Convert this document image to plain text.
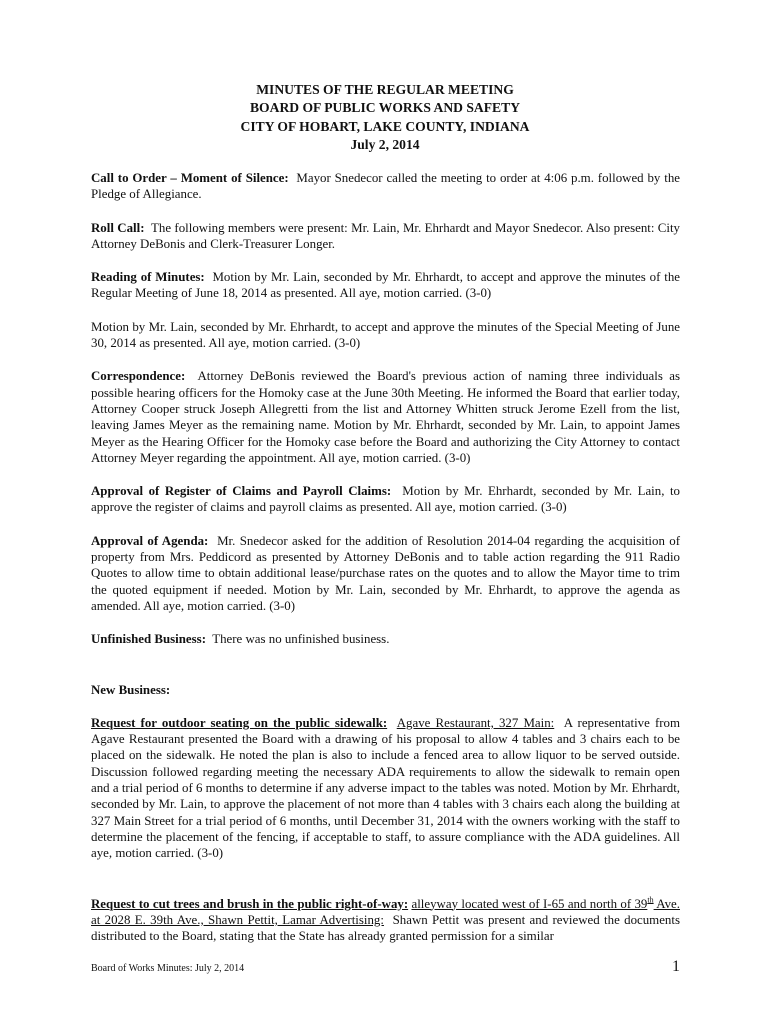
MINUTES OF THE REGULAR MEETING
BOARD OF PUBLIC WORKS AND SAFETY
CITY OF HOBART, LAKE COUNTY, INDIANA
July 2, 2014

Call to Order – Moment of Silence: Mayor Snedecor called the meeting to order at 4:06 p.m. followed by the Pledge of Allegiance.

Roll Call: The following members were present: Mr. Lain, Mr. Ehrhardt and Mayor Snedecor. Also present: City Attorney DeBonis and Clerk-Treasurer Longer.

Reading of Minutes: Motion by Mr. Lain, seconded by Mr. Ehrhardt, to accept and approve the minutes of the Regular Meeting of June 18, 2014 as presented. All aye, motion carried. (3-0)

Motion by Mr. Lain, seconded by Mr. Ehrhardt, to accept and approve the minutes of the Special Meeting of June 30, 2014 as presented. All aye, motion carried. (3-0)

Correspondence: Attorney DeBonis reviewed the Board's previous action of naming three individuals as possible hearing officers for the Homoky case at the June 30th Meeting. He informed the Board that earlier today, Attorney Cooper struck Joseph Allegretti from the list and Attorney Whitten struck Jerome Ezell from the list, leaving James Meyer as the remaining name. Motion by Mr. Ehrhardt, seconded by Mr. Lain, to appoint James Meyer as the Hearing Officer for the Homoky case before the Board and authorizing the City Attorney to contact Attorney Meyer regarding the appointment. All aye, motion carried. (3-0)

Approval of Register of Claims and Payroll Claims: Motion by Mr. Ehrhardt, seconded by Mr. Lain, to approve the register of claims and payroll claims as presented. All aye, motion carried. (3-0)

Approval of Agenda: Mr. Snedecor asked for the addition of Resolution 2014-04 regarding the acquisition of property from Mrs. Peddicord as presented by Attorney DeBonis and to table action regarding the 911 Radio Quotes to allow time to obtain additional lease/purchase rates on the quotes and to allow the Mayor time to trim the quoted equipment if needed. Motion by Mr. Lain, seconded by Mr. Ehrhardt, to approve the agenda as amended. All aye, motion carried. (3-0)

Unfinished Business: There was no unfinished business.

New Business:

Request for outdoor seating on the public sidewalk: Agave Restaurant, 327 Main: A representative from Agave Restaurant presented the Board with a drawing of his proposal to allow 4 tables and 3 chairs each to be placed on the sidewalk. He noted the plan is also to include a fenced area to allow liquor to be served outside. Discussion followed regarding meeting the necessary ADA requirements to allow the sidewalk to remain open and a trial period of 6 months to determine if any adverse impact to the tables was noted. Motion by Mr. Ehrhardt, seconded by Mr. Lain, to approve the placement of not more than 4 tables with 3 chairs each along the building at 327 Main Street for a trial period of 6 months, until December 31, 2014 with the owners working with the staff to determine the placement of the fencing, if acceptable to staff, to assure compliance with the ADA guidelines. All aye, motion carried. (3-0)

Request to cut trees and brush in the public right-of-way: alleyway located west of I-65 and north of 39th Ave. at 2028 E. 39th Ave., Shawn Pettit, Lamar Advertising: Shawn Pettit was present and reviewed the documents distributed to the Board, stating that the State has already granted permission for a similar

Board of Works Minutes: July 2, 2014	1
